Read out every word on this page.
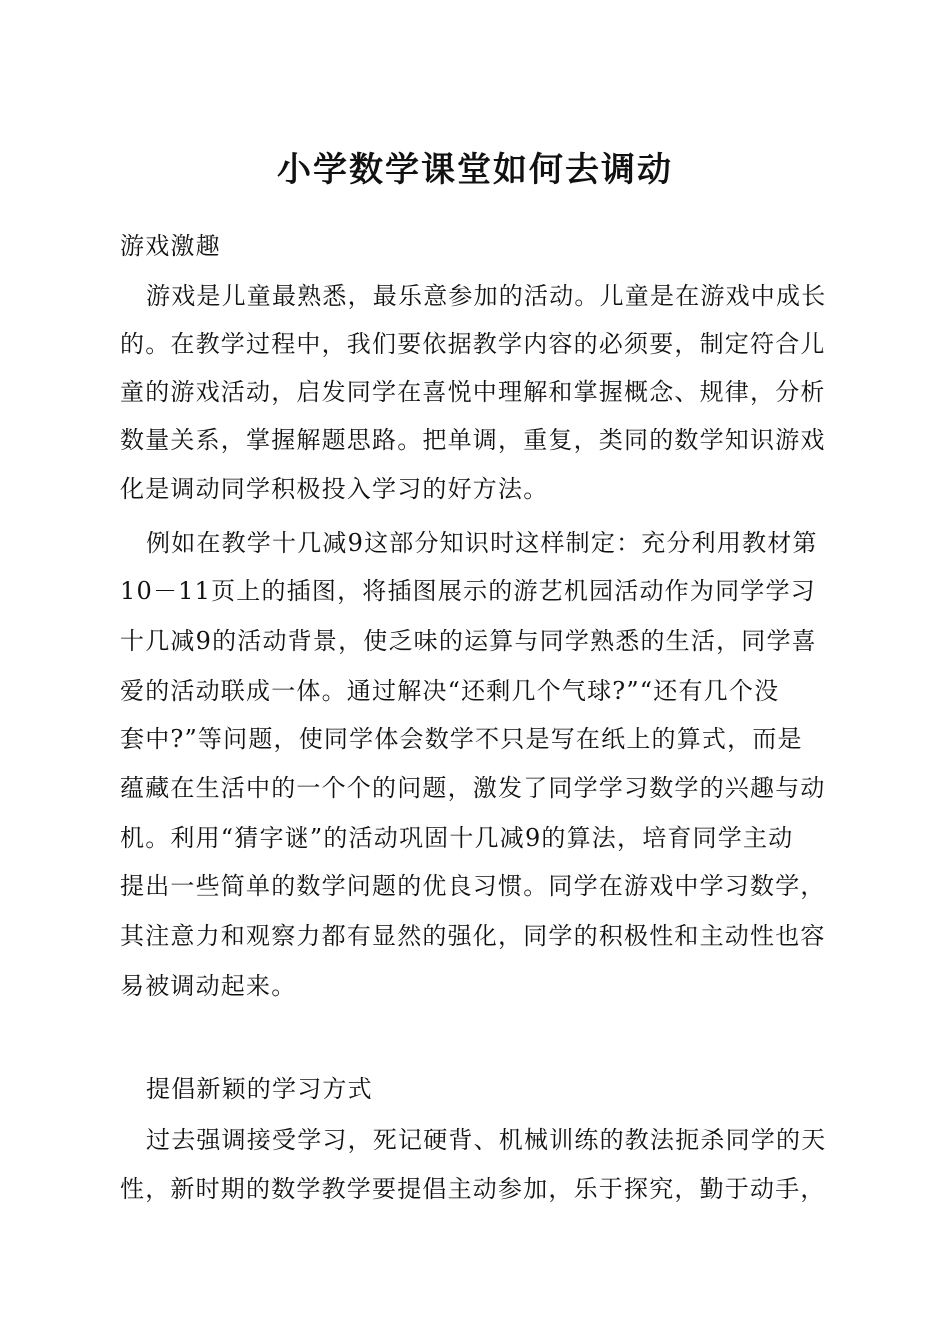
小学数学课堂如何去调动
游戏激趣
游戏是儿童最熟悉，最乐意参加的活动。儿童是在游戏中成长
的。在教学过程中，我们要依据教学内容的必须要，制定符合儿
童的游戏活动，启发同学在喜悦中理解和掌握概念、规律，分析
数量关系，掌握解题思路。把单调，重复，类同的数学知识游戏
化是调动同学积极投入学习的好方法。
例如在教学十几减9这部分知识时这样制定：充分利用教材第
10－11页上的插图，将插图展示的游艺机园活动作为同学学习
十几减9的活动背景，使乏味的运算与同学熟悉的生活，同学喜
爱的活动联成一体。通过解决“还剩几个气球?”“还有几个没
套中?”等问题，使同学体会数学不只是写在纸上的算式，而是
蕴藏在生活中的一个个的问题，激发了同学学习数学的兴趣与动
机。利用“猜字谜”的活动巩固十几减9的算法，培育同学主动
提出一些简单的数学问题的优良习惯。同学在游戏中学习数学，
其注意力和观察力都有显然的强化，同学的积极性和主动性也容
易被调动起来。
提倡新颖的学习方式
过去强调接受学习，死记硬背、机械训练的教法扼杀同学的天
性，新时期的数学教学要提倡主动参加，乐于探究，勤于动手，
